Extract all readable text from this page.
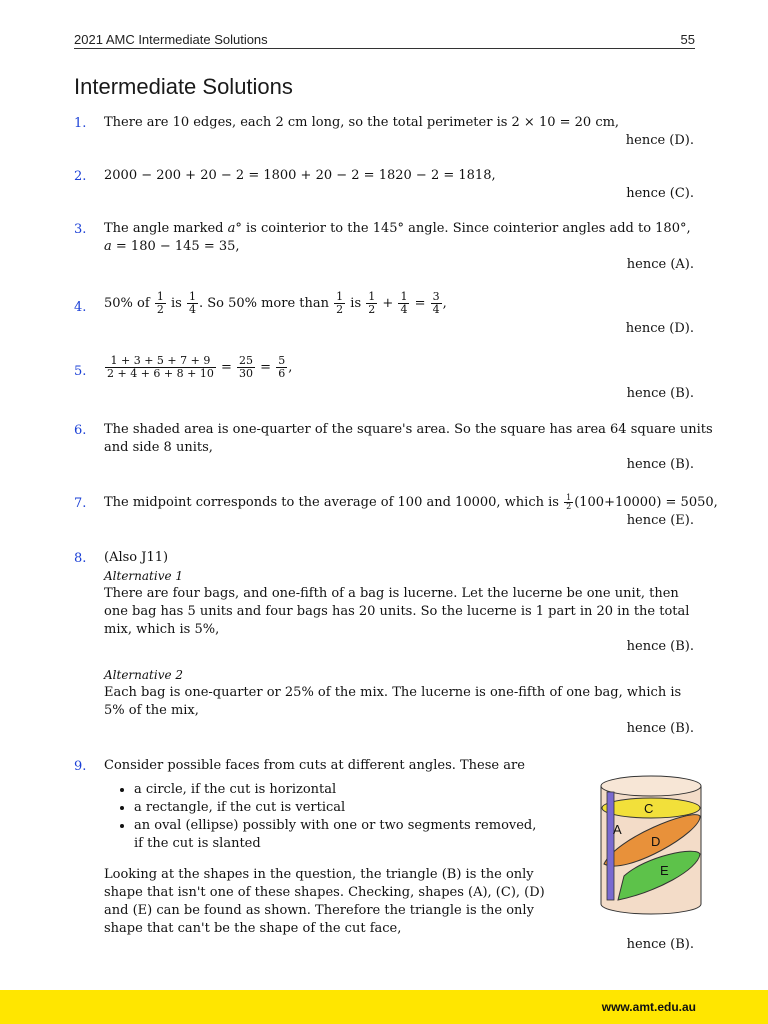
2021 AMC Intermediate Solutions	55
Intermediate Solutions
1. There are 10 edges, each 2 cm long, so the total perimeter is 2 × 10 = 20 cm,
hence (D).
2. 2000 − 200 + 20 − 2 = 1800 + 20 − 2 = 1820 − 2 = 1818,
hence (C).
3. The angle marked a° is cointerior to the 145° angle. Since cointerior angles add to 180°,
a = 180 − 145 = 35,
hence (A).
4. 50% of $\frac{1}{2}$ is $\frac{1}{4}$ . So 50% more than $\frac{1}{2}$ is $\frac{1}{2} + \frac{1}{4} = \frac{3}{4}$ ,
hence (D).
5. $\frac{1 + 3 + 5 + 7 + 9}{2 + 4 + 6 + 8 + 10} = \frac{25}{30} = \frac{5}{6}$ ,
hence (B).
6. The shaded area is one-quarter of the square's area. So the square has area 64 square units
and side 8 units,
hence (B).
7. The midpoint corresponds to the average of 100 and 10000, which is $\frac{1}{2} (100+10000) = 5050$,
hence (E).
8. (Also J11)
Alternative 1
There are four bags, and one-fifth of a bag is lucerne. Let the lucerne be one unit, then
one bag has 5 units and four bags has 20 units. So the lucerne is 1 part in 20 in the total
mix, which is 5%,
hence (B).
Alternative 2
Each bag is one-quarter or 25% of the mix. The lucerne is one-fifth of one bag, which is
5% of the mix,
hence (B).
9. Consider possible faces from cuts at different angles. These are
• a circle, if the cut is horizontal
• a rectangle, if the cut is vertical
• an oval (ellipse) possibly with one or two segments removed,
if the cut is slanted
Looking at the shapes in the question, the triangle (B) is the only
shape that isn't one of these shapes. Checking, shapes (A), (C), (D)
and (E) can be found as shown. Therefore the triangle is the only
shape that can't be the shape of the cut face,
hence (B).
C
A
D
E
www.amt.edu.au
